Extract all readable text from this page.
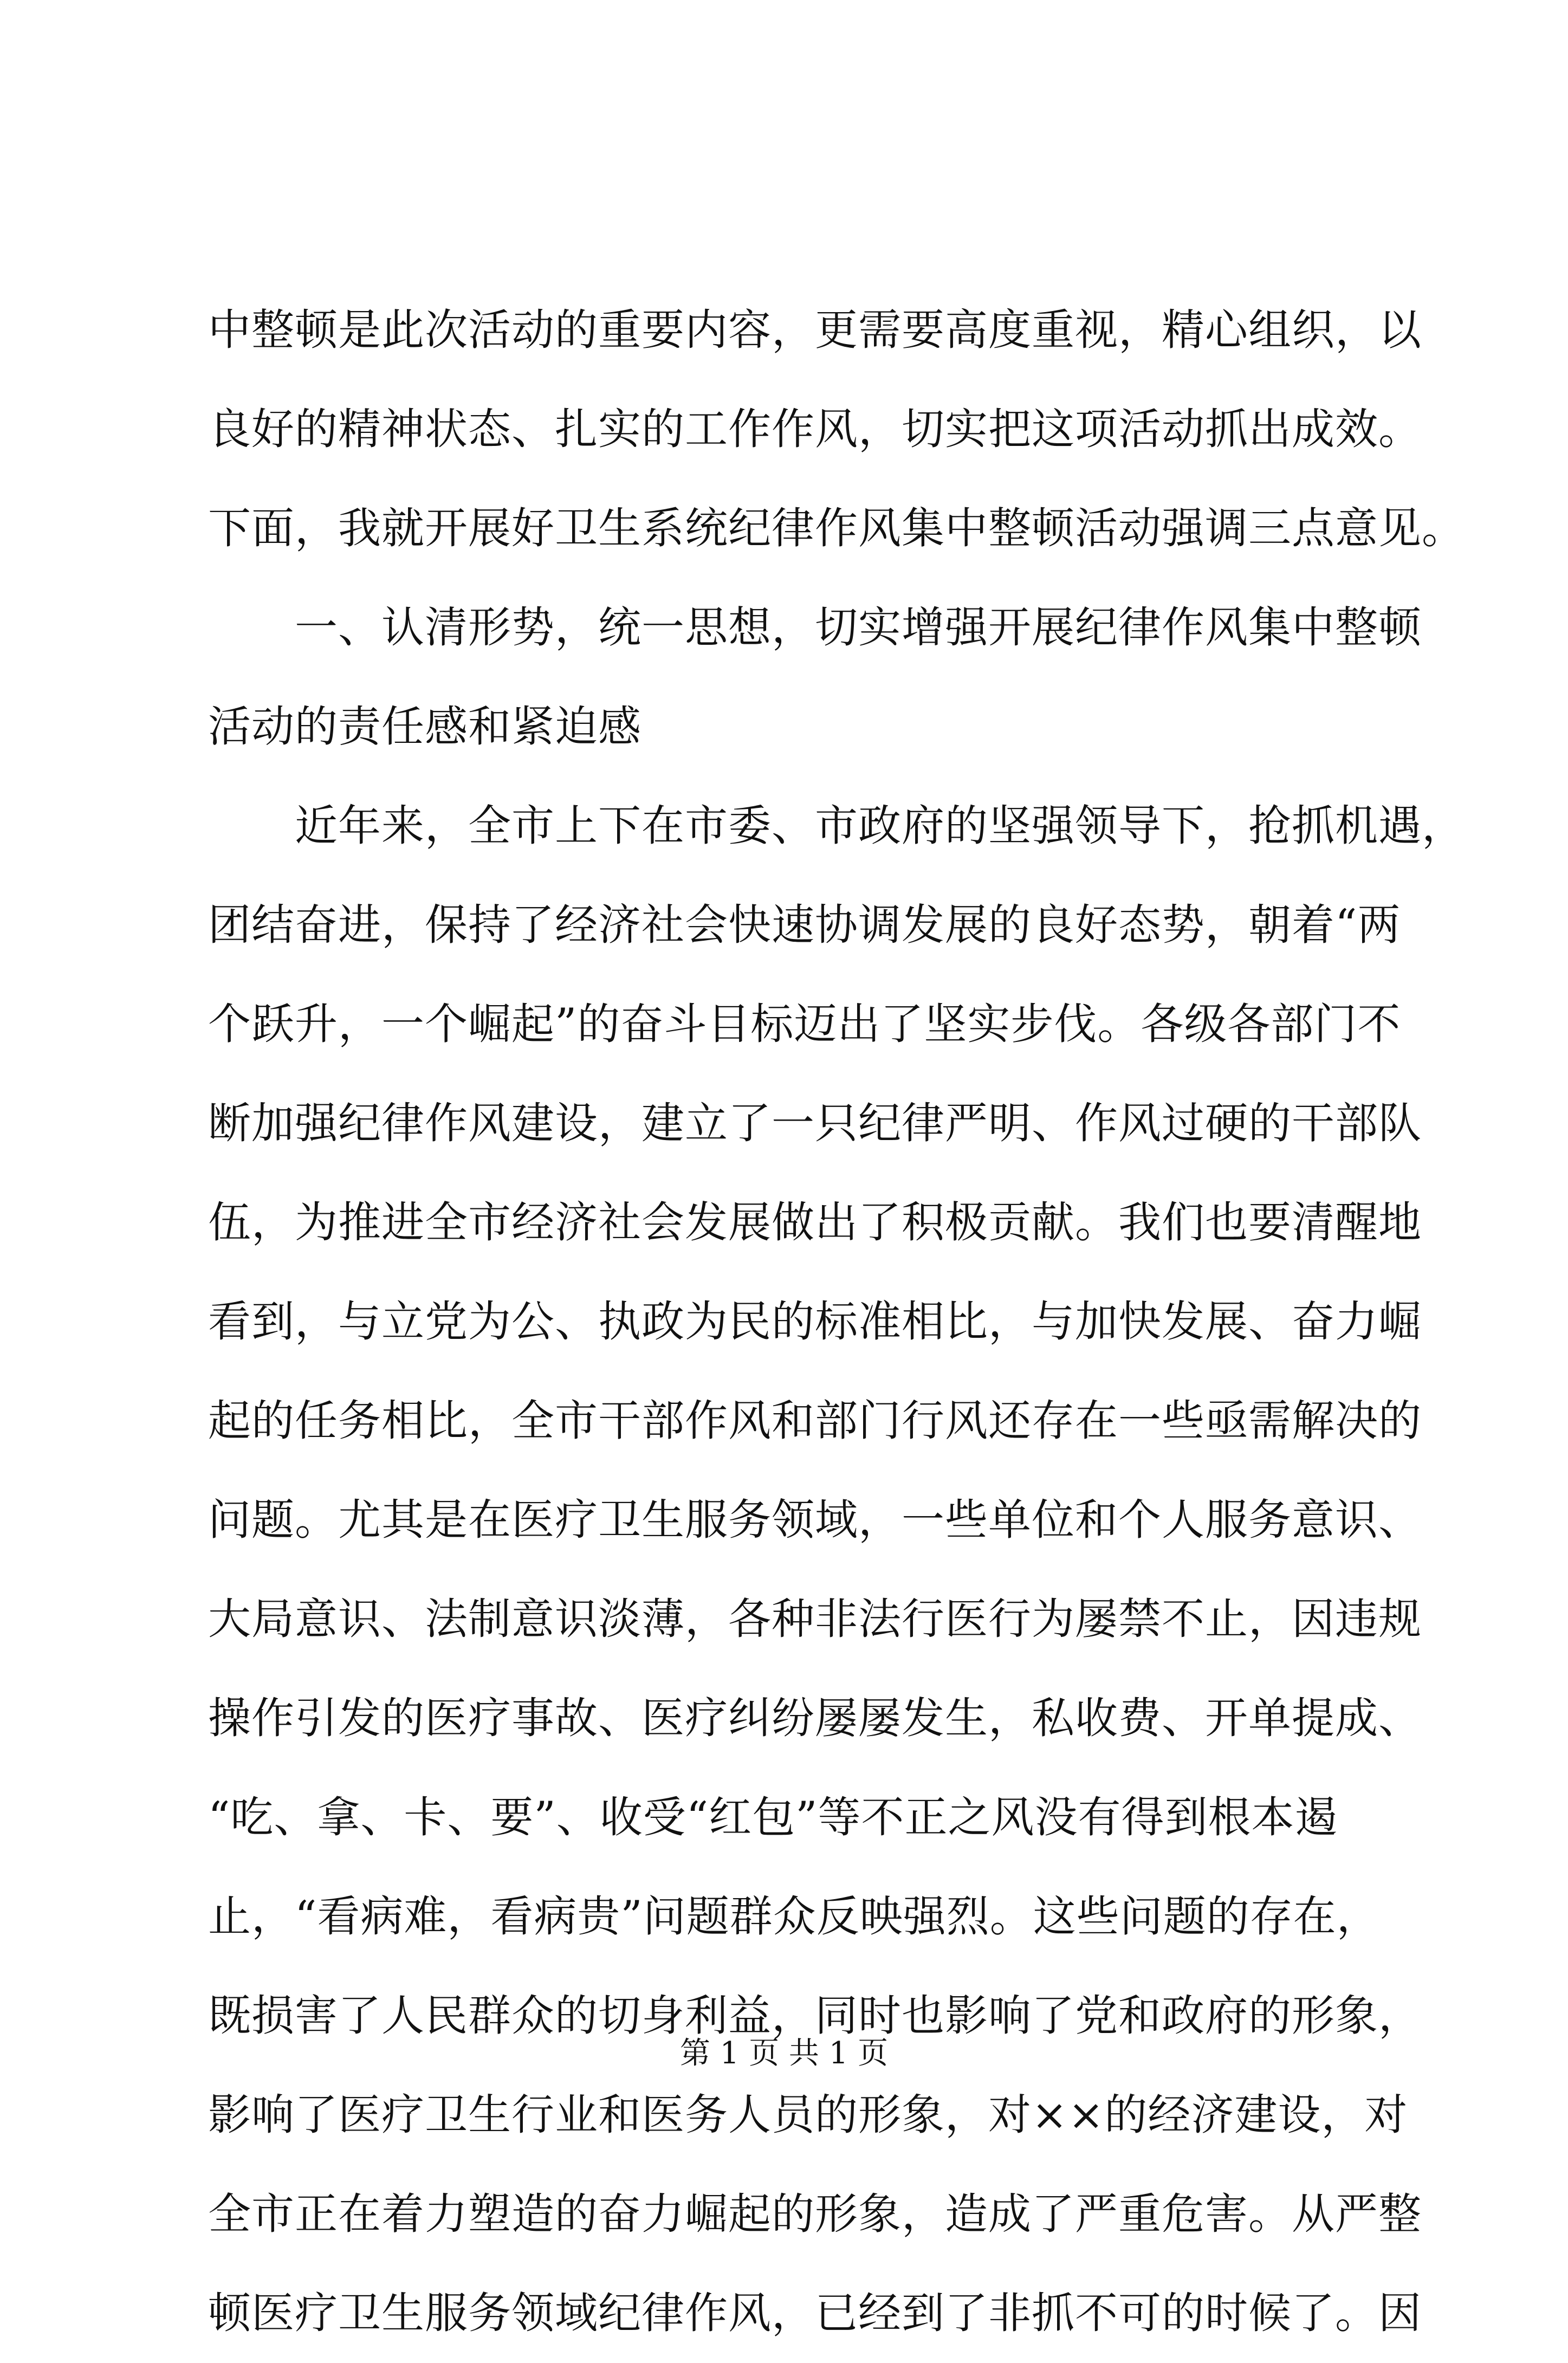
中整顿是此次活动的重要内容，更需要高度重视，精心组织，以
良好的精神状态、扎实的工作作风，切实把这项活动抓出成效。
下面，我就开展好卫生系统纪律作风集中整顿活动强调三点意见。
　　一、认清形势，统一思想，切实增强开展纪律作风集中整顿
活动的责任感和紧迫感
　　近年来，全市上下在市委、市政府的坚强领导下，抢抓机遇，
团结奋进，保持了经济社会快速协调发展的良好态势，朝着“两
个跃升，一个崛起”的奋斗目标迈出了坚实步伐。各级各部门不
断加强纪律作风建设，建立了一只纪律严明、作风过硬的干部队
伍，为推进全市经济社会发展做出了积极贡献。我们也要清醒地
看到，与立党为公、执政为民的标准相比，与加快发展、奋力崛
起的任务相比，全市干部作风和部门行风还存在一些亟需解决的
问题。尤其是在医疗卫生服务领域，一些单位和个人服务意识、
大局意识、法制意识淡薄，各种非法行医行为屡禁不止，因违规
操作引发的医疗事故、医疗纠纷屡屡发生，私收费、开单提成、
“吃、拿、卡、要”、收受“红包”等不正之风没有得到根本遏
止，“看病难，看病贵”问题群众反映强烈。这些问题的存在，
既损害了人民群众的切身利益，同时也影响了党和政府的形象，
影响了医疗卫生行业和医务人员的形象，对××的经济建设，对
全市正在着力塑造的奋力崛起的形象，造成了严重危害。从严整
顿医疗卫生服务领域纪律作风，已经到了非抓不可的时候了。因
第 1 页 共 1 页
